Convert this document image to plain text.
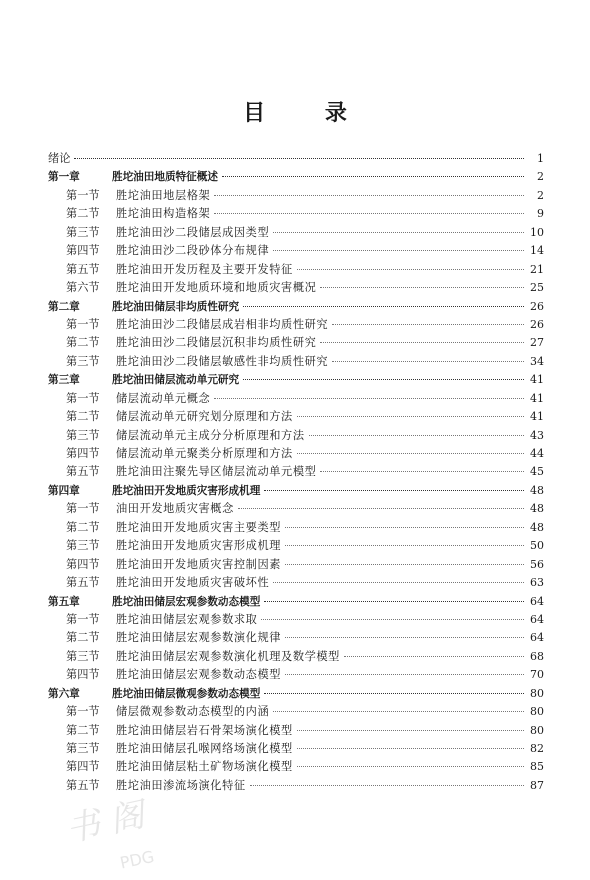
目 录
绪论	1
第一章	胜坨油田地质特征概述	2
第一节	胜坨油田地层格架	2
第二节	胜坨油田构造格架	9
第三节	胜坨油田沙二段储层成因类型	10
第四节	胜坨油田沙二段砂体分布规律	14
第五节	胜坨油田开发历程及主要开发特征	21
第六节	胜坨油田开发地质环境和地质灾害概况	25
第二章	胜坨油田储层非均质性研究	26
第一节	胜坨油田沙二段储层成岩相非均质性研究	26
第二节	胜坨油田沙二段储层沉积非均质性研究	27
第三节	胜坨油田沙二段储层敏感性非均质性研究	34
第三章	胜坨油田储层流动单元研究	41
第一节	储层流动单元概念	41
第二节	储层流动单元研究划分原理和方法	41
第三节	储层流动单元主成分分析原理和方法	43
第四节	储层流动单元聚类分析原理和方法	44
第五节	胜坨油田注聚先导区储层流动单元模型	45
第四章	胜坨油田开发地质灾害形成机理	48
第一节	油田开发地质灾害概念	48
第二节	胜坨油田开发地质灾害主要类型	48
第三节	胜坨油田开发地质灾害形成机理	50
第四节	胜坨油田开发地质灾害控制因素	56
第五节	胜坨油田开发地质灾害破坏性	63
第五章	胜坨油田储层宏观参数动态模型	64
第一节	胜坨油田储层宏观参数求取	64
第二节	胜坨油田储层宏观参数演化规律	64
第三节	胜坨油田储层宏观参数演化机理及数学模型	68
第四节	胜坨油田储层宏观参数动态模型	70
第六章	胜坨油田储层微观参数动态模型	80
第一节	储层微观参数动态模型的内涵	80
第二节	胜坨油田储层岩石骨架场演化模型	80
第三节	胜坨油田储层孔喉网络场演化模型	82
第四节	胜坨油田储层粘土矿物场演化模型	85
第五节	胜坨油田渗流场演化特征	87
书 阁
PDG
